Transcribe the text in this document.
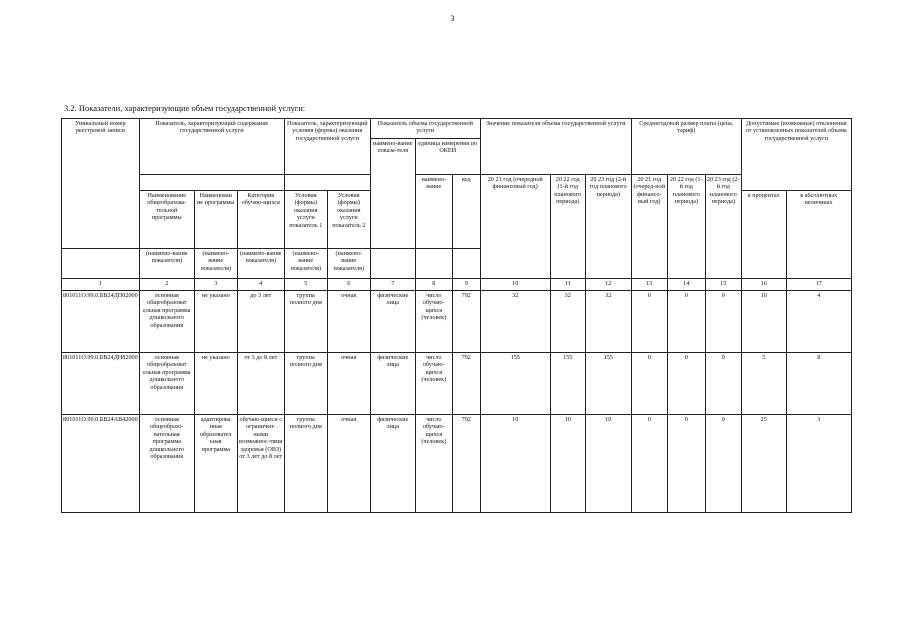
3
3.2. Показатели, характеризующие объем государственной услуги:
Уникальный номер реестровой записи	Показатель, характеризующий содержание государственной услуги			Показатель, характеризующий условия (формы) оказания государственной услуги		Показатель объема государственной услуги			Значение показателя объема государственной услуги			Среднегодовой размер платы (цена, тариф)			Допустимые (возможные) отклонения от установленных показателей объема государственной услуги	
						наимено-вание показа-теля	единица измерения по ОКЕИ									
							наимено-вание	код	20 21 год (очередной финансовый год)	20 22 год (1-й год планового периода)	20 23 год (2-й год планового периода)	20 21 год (очеред-ной финансо-вый год)	20 22 год (1-й год планового периода)	20 23 год (2-й год планового периода)		
	Наименование общеобразова-тельной программы	Наименован ие программы	Категория обучаю-щихся	Условия (формы) оказания услуги показатель 1	Условия (формы) оказания услуги показатель 2										в процентах	в абсолютных величинах
	(наимено-вание показателя)	(наимено-вание показателя)	(наимено-вание показателя)	(наимено-вание показателя)	(наимено-вание показателя)											
1	2	3	4	5	6	7	8	9	10	11	12	13	14	15	16	17
801011О.99.0.БВ24ДП02000	основная общеобразоват ельная программа дошкольного образования	не указано	до 3 лет	группа полного дня	очная	физические лица	число обучаю-щихся (человек)	792	32	32	32	0	0	0	10	4
801011О.99.0.БВ24ДН82000	основная общеобразоват ельная программа дошкольного образования	не указано	от 3 до 8 лет	группа полного дня	очная	физические лица	число обучаю-щихся (человек)	792	155	155	155	0	0	0	5	8
801011О.99.0.БВ24АВ42000	основная общеобразо-вательная программа дошкольного образования	адаптирова нная образовател ьная программа	обучаю-щиеся с ограничен-ными возможнос-тями здоровья (ОВЗ) от 3 лет до 8 лет	группа полного дня	очная	физические лица	число обучаю-щихся (человек)	792	10	10	10	0	0	0	25	3
